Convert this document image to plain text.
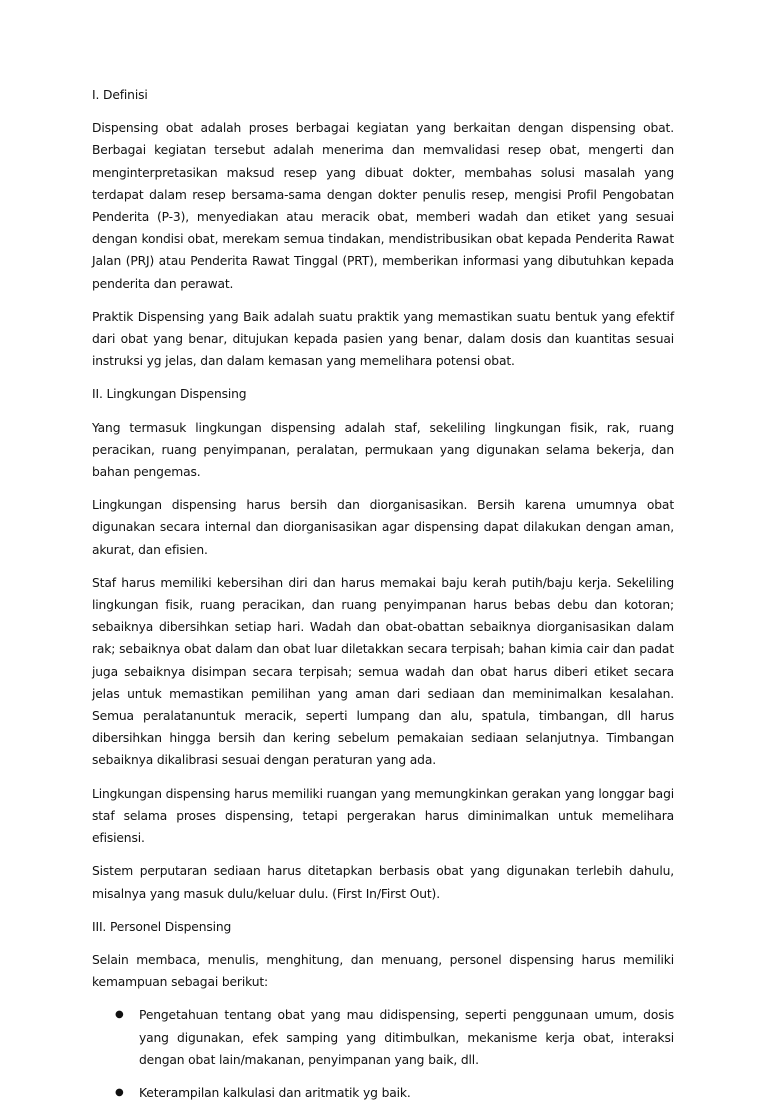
I. Definisi

Dispensing obat adalah proses berbagai kegiatan yang berkaitan dengan dispensing obat. Berbagai kegiatan tersebut adalah menerima dan memvalidasi resep obat, mengerti dan menginterpretasikan maksud resep yang dibuat dokter, membahas solusi masalah yang terdapat dalam resep bersama-sama dengan dokter penulis resep, mengisi Profil Pengobatan Penderita (P-3), menyediakan atau meracik obat, memberi wadah dan etiket yang sesuai dengan kondisi obat, merekam semua tindakan, mendistribusikan obat kepada Penderita Rawat Jalan (PRJ) atau Penderita Rawat Tinggal (PRT), memberikan informasi yang dibutuhkan kepada penderita dan perawat.

Praktik Dispensing yang Baik adalah suatu praktik yang memastikan suatu bentuk yang efektif dari obat yang benar, ditujukan kepada pasien yang benar, dalam dosis dan kuantitas sesuai instruksi yg jelas, dan dalam kemasan yang memelihara potensi obat.

II. Lingkungan Dispensing

Yang termasuk lingkungan dispensing adalah staf, sekeliling lingkungan fisik, rak, ruang peracikan, ruang penyimpanan, peralatan, permukaan yang digunakan selama bekerja, dan bahan pengemas.

Lingkungan dispensing harus bersih dan diorganisasikan. Bersih karena umumnya obat digunakan secara internal dan diorganisasikan agar dispensing dapat dilakukan dengan aman, akurat, dan efisien.

Staf harus memiliki kebersihan diri dan harus memakai baju kerah putih/baju kerja. Sekeliling lingkungan fisik, ruang peracikan, dan ruang penyimpanan harus bebas debu dan kotoran; sebaiknya dibersihkan setiap hari. Wadah dan obat-obattan sebaiknya diorganisasikan dalam rak; sebaiknya obat dalam dan obat luar diletakkan secara terpisah; bahan kimia cair dan padat juga sebaiknya disimpan secara terpisah; semua wadah dan obat harus diberi etiket secara jelas untuk memastikan pemilihan yang aman dari sediaan dan meminimalkan kesalahan. Semua peralatanuntuk meracik, seperti lumpang dan alu, spatula, timbangan, dll harus dibersihkan hingga bersih dan kering sebelum pemakaian sediaan selanjutnya. Timbangan sebaiknya dikalibrasi sesuai dengan peraturan yang ada.

Lingkungan dispensing harus memiliki ruangan yang memungkinkan gerakan yang longgar bagi staf selama proses dispensing, tetapi pergerakan harus diminimalkan untuk memelihara efisiensi.

Sistem perputaran sediaan harus ditetapkan berbasis obat yang digunakan terlebih dahulu, misalnya yang masuk dulu/keluar dulu. (First In/First Out).

III. Personel Dispensing

Selain membaca, menulis, menghitung, dan menuang, personel dispensing harus memiliki kemampuan sebagai berikut:

● Pengetahuan tentang obat yang mau didispensing, seperti penggunaan umum, dosis yang digunakan, efek samping yang ditimbulkan, mekanisme kerja obat, interaksi dengan obat lain/makanan, penyimpanan yang baik, dll.
● Keterampilan kalkulasi dan aritmatik yg baik.
